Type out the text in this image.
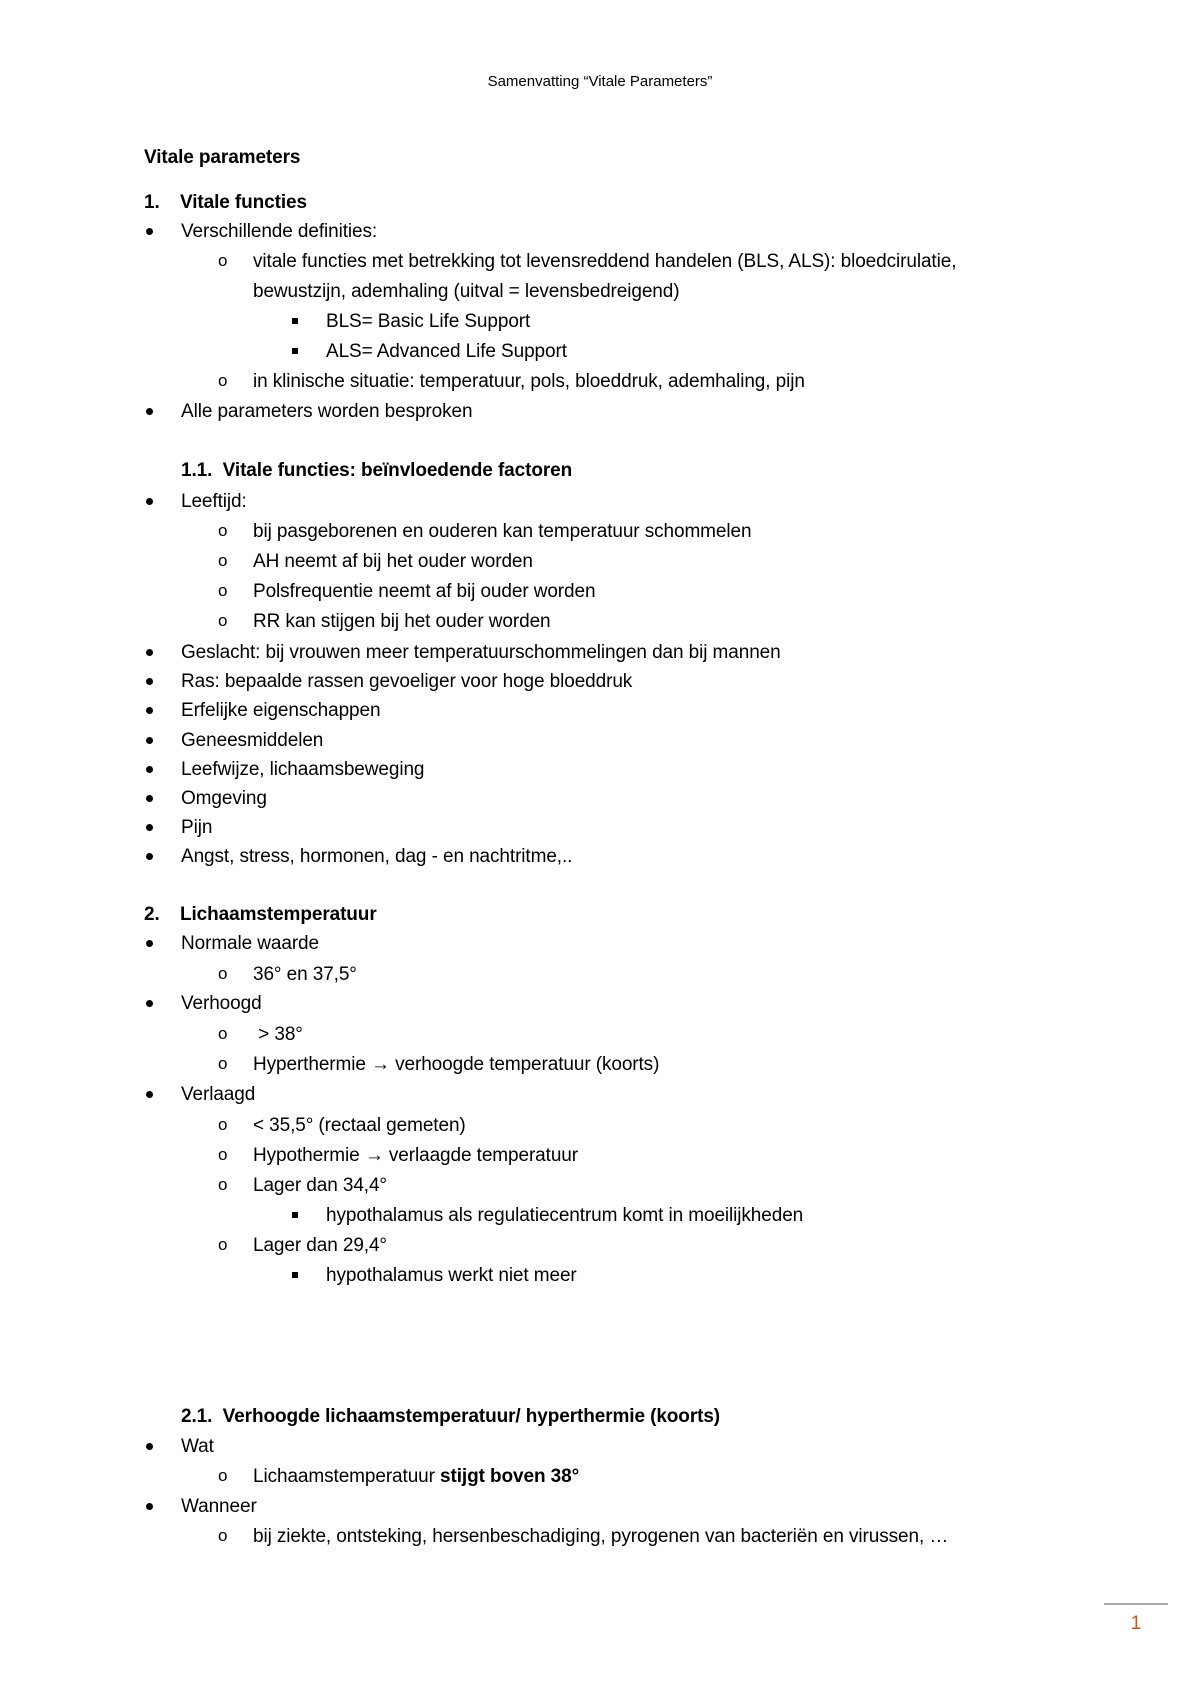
Samenvatting “Vitale Parameters”
Vitale parameters
1. Vitale functies
Verschillende definities:
o vitale functies met betrekking tot levensreddend handelen (BLS, ALS): bloedcirulatie,
bewustzijn, ademhaling (uitval = levensbedreigend)
BLS= Basic Life Support
ALS= Advanced Life Support
o in klinische situatie: temperatuur, pols, bloeddruk, ademhaling, pijn
Alle parameters worden besproken
1.1. Vitale functies: beïnvloedende factoren
Leeftijd:
o bij pasgeborenen en ouderen kan temperatuur schommelen
o AH neemt af bij het ouder worden
o Polsfrequentie neemt af bij ouder worden
o RR kan stijgen bij het ouder worden
Geslacht: bij vrouwen meer temperatuurschommelingen dan bij mannen
Ras: bepaalde rassen gevoeliger voor hoge bloeddruk
Erfelijke eigenschappen
Geneesmiddelen
Leefwijze, lichaamsbeweging
Omgeving
Pijn
Angst, stress, hormonen, dag - en nachtritme,..
2. Lichaamstemperatuur
Normale waarde
o 36° en 37,5°
Verhoogd
o > 38°
o Hyperthermie → verhoogde temperatuur (koorts)
Verlaagd
o < 35,5° (rectaal gemeten)
o Hypothermie → verlaagde temperatuur
o Lager dan 34,4°
hypothalamus als regulatiecentrum komt in moeilijkheden
o Lager dan 29,4°
hypothalamus werkt niet meer
2.1. Verhoogde lichaamstemperatuur/ hyperthermie (koorts)
Wat
o Lichaamstemperatuur stijgt boven 38°
Wanneer
o bij ziekte, ontsteking, hersenbeschadiging, pyrogenen van bacteriën en virussen, …
1
